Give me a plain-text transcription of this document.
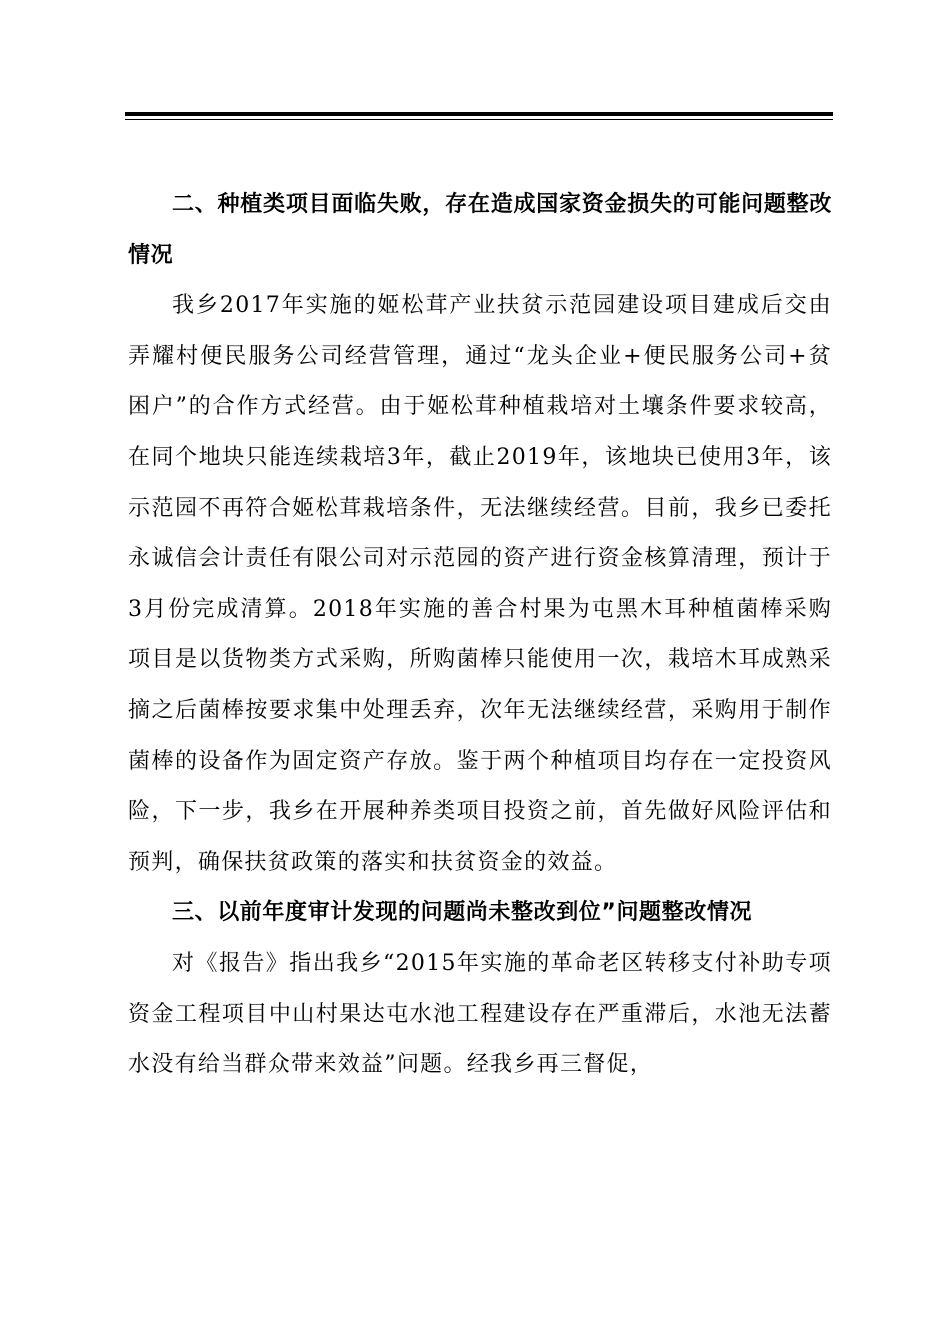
二、种植类项目面临失败，存在造成国家资金损失的可能问题整改情况

我乡2017年实施的姬松茸产业扶贫示范园建设项目建成后交由弄耀村便民服务公司经营管理，通过“龙头企业+便民服务公司+贫困户”的合作方式经营。由于姬松茸种植栽培对土壤条件要求较高，在同个地块只能连续栽培3年，截止2019年，该地块已使用3年，该示范园不再符合姬松茸栽培条件，无法继续经营。目前，我乡已委托永诚信会计责任有限公司对示范园的资产进行资金核算清理，预计于3月份完成清算。2018年实施的善合村果为屯黑木耳种植菌棒采购项目是以货物类方式采购，所购菌棒只能使用一次，栽培木耳成熟采摘之后菌棒按要求集中处理丢弃，次年无法继续经营，采购用于制作菌棒的设备作为固定资产存放。鉴于两个种植项目均存在一定投资风险，下一步，我乡在开展种养类项目投资之前，首先做好风险评估和预判，确保扶贫政策的落实和扶贫资金的效益。

三、以前年度审计发现的问题尚未整改到位”问题整改情况

对《报告》指出我乡“2015年实施的革命老区转移支付补助专项资金工程项目中山村果达屯水池工程建设存在严重滞后，水池无法蓄水没有给当群众带来效益”问题。经我乡再三督促，
